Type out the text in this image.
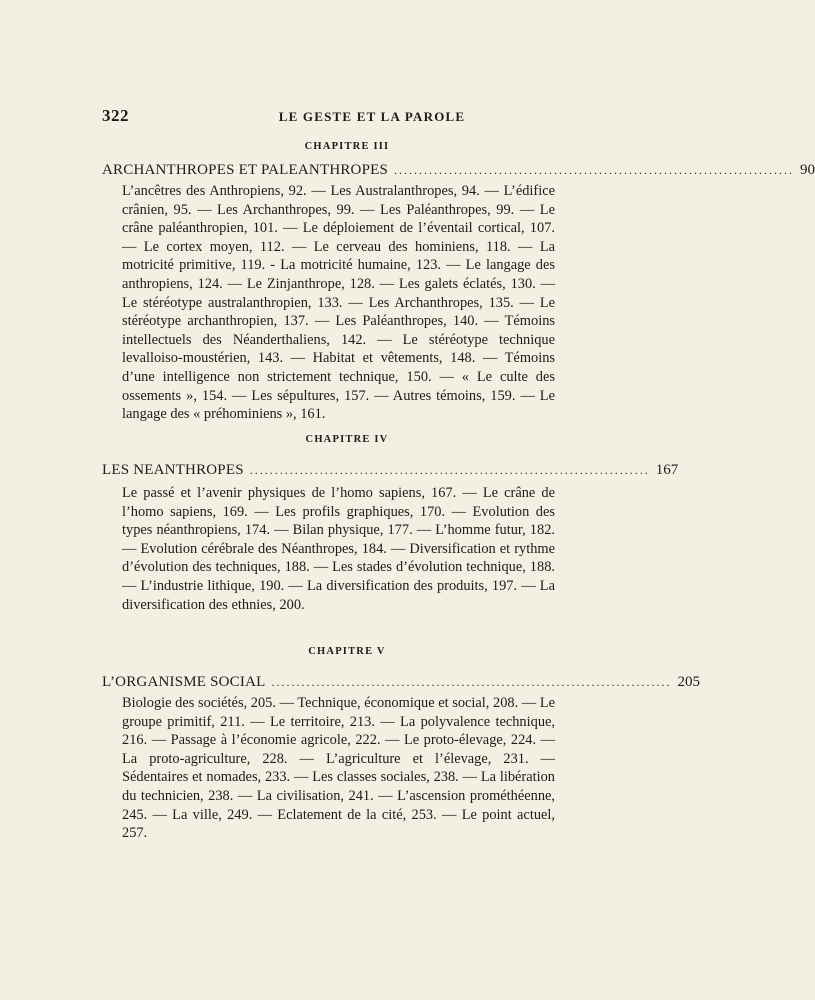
322	LE GESTE ET LA PAROLE
CHAPITRE III
ARCHANTHROPES ET PALEANTHROPES ................................................................................ 90
L’ancêtres des Anthropiens, 92. — Les Australanthropes, 94. — L’édifice crânien, 95. — Les Archanthropes, 99. — Les Paléanthropes, 99. — Le crâne paléanthropien, 101. — Le déploiement de l’éventail cortical, 107. — Le cortex moyen, 112. — Le cerveau des hominiens, 118. — La motricité primitive, 119. - La motricité humaine, 123. — Le langage des anthropiens, 124. — Le Zinjanthrope, 128. — Les galets éclatés, 130. — Le stéréotype australanthropien, 133. — Les Archanthropes, 135. — Le stéréotype archanthropien, 137. — Les Paléanthropes, 140. — Témoins intellectuels des Néanderthaliens, 142. — Le stéréotype technique levalloiso-moustérien, 143. — Habitat et vêtements, 148. — Témoins d’une intelligence non strictement technique, 150. — « Le culte des ossements », 154. — Les sépultures, 157. — Autres témoins, 159. — Le langage des « préhominiens », 161.
CHAPITRE IV
LES NEANTHROPES ................................................................................ 167
Le passé et l’avenir physiques de l’homo sapiens, 167. — Le crâne de l’homo sapiens, 169. — Les profils graphiques, 170. — Evolution des types néanthropiens, 174. — Bilan physique, 177. — L’homme futur, 182. — Evolution cérébrale des Néanthropes, 184. — Diversification et rythme d’évolution des techniques, 188. — Les stades d’évolution technique, 188. — L’industrie lithique, 190. — La diversification des produits, 197. — La diversification des ethnies, 200.
CHAPITRE V
L’ORGANISME SOCIAL ................................................................................ 205
Biologie des sociétés, 205. — Technique, économique et social, 208. — Le groupe primitif, 211. — Le territoire, 213. — La polyvalence technique, 216. — Passage à l’économie agricole, 222. — Le proto-élevage, 224. — La proto-agriculture, 228. — L’agriculture et l’élevage, 231. — Sédentaires et nomades, 233. — Les classes sociales, 238. — La libération du technicien, 238. — La civilisation, 241. — L’ascension prométhéenne, 245. — La ville, 249. — Eclatement de la cité, 253. — Le point actuel, 257.
